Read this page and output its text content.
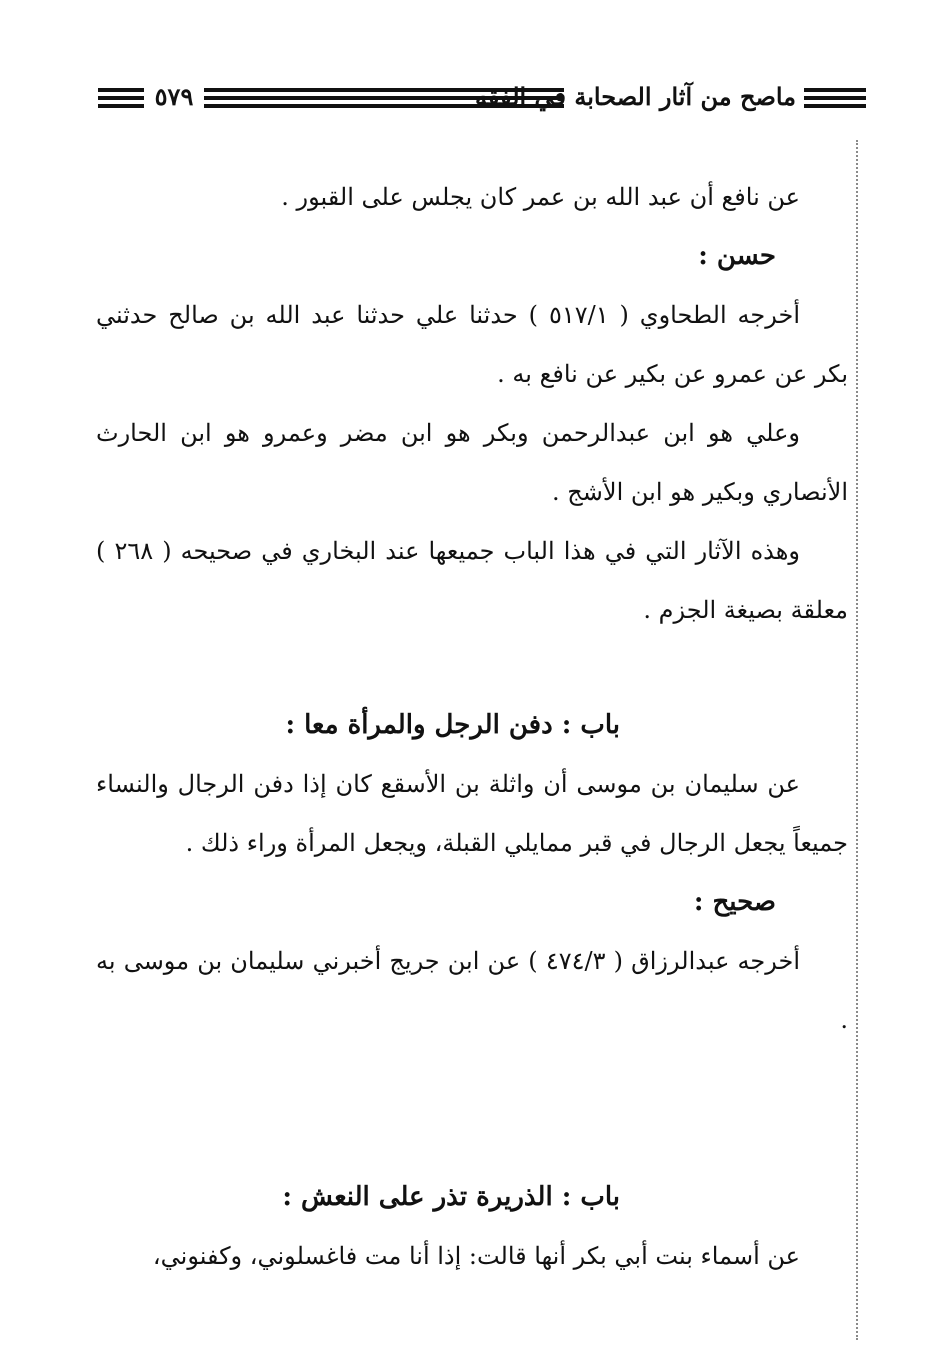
٥٧٩	ماصح من آثار الصحابة في الفقه

عن نافع أن عبد الله بن عمر كان يجلس على القبور .

حسن :

أخرجه الطحاوي ( ٥١٧/١ ) حدثنا علي حدثنا عبد الله بن صالح حدثني بكر عن عمرو عن بكير عن نافع به .

وعلي هو ابن عبدالرحمن وبكر هو ابن مضر وعمرو هو ابن الحارث الأنصاري وبكير هو ابن الأشج .

وهذه الآثار التي في هذا الباب جميعها عند البخاري في صحيحه ( ٢٦٨ ) معلقة بصيغة الجزم .

باب : دفن الرجل والمرأة معا :

عن سليمان بن موسى أن واثلة بن الأسقع كان إذا دفن الرجال والنساء جميعاً يجعل الرجال في قبر ممايلي القبلة، ويجعل المرأة وراء ذلك .

صحيح :

أخرجه عبدالرزاق ( ٤٧٤/٣ ) عن ابن جريج أخبرني سليمان بن موسى به .

باب : الذريرة تذر على النعش :

عن أسماء بنت أبي بكر أنها قالت: إذا أنا مت فاغسلوني، وكفنوني،
